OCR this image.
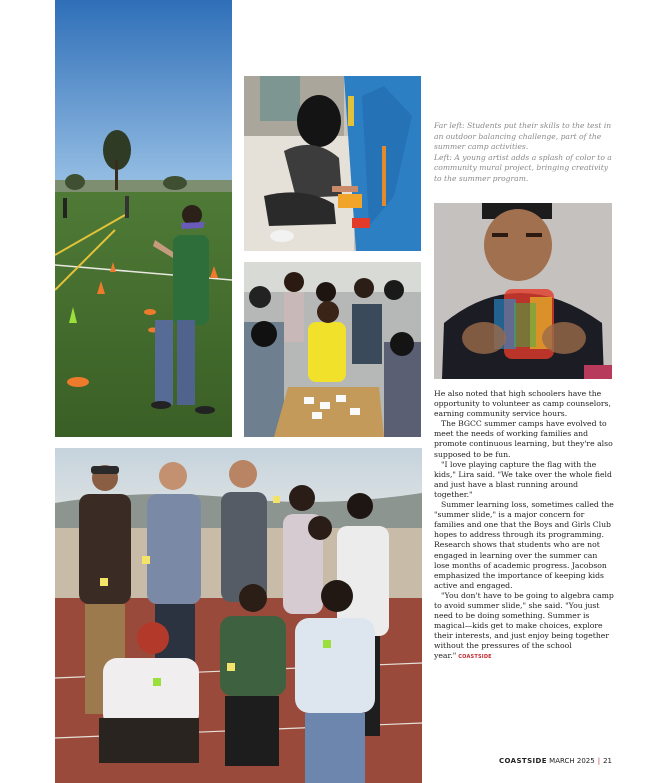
Far left: Students put their skills to the test in an outdoor balancing challenge, part of the summer camp activities.

Left: A young artist adds a splash of color to a community mural project, bringing creativity to the summer program.

He also noted that high schoolers have the opportunity to volunteer as camp counselors, earning community service hours.

The BGCC summer camps have evolved to meet the needs of working families and promote continuous learning, but they're also supposed to be fun.

"I love playing capture the flag with the kids," Lira said. "We take over the whole field and just have a blast running around together."

Summer learning loss, sometimes called the "summer slide," is a major concern for families and one that the Boys and Girls Club hopes to address through its programming. Research shows that students who are not engaged in learning over the summer can lose months of academic progress. Jacobson emphasized the importance of keeping kids active and engaged.

"You don't have to be going to algebra camp to avoid summer slide," she said. "You just need to be doing something. Summer is magical—kids get to make choices, explore their interests, and just enjoy being together without the pressures of the school year." COASTSIDE

COASTSIDE MARCH 2025 | 21
